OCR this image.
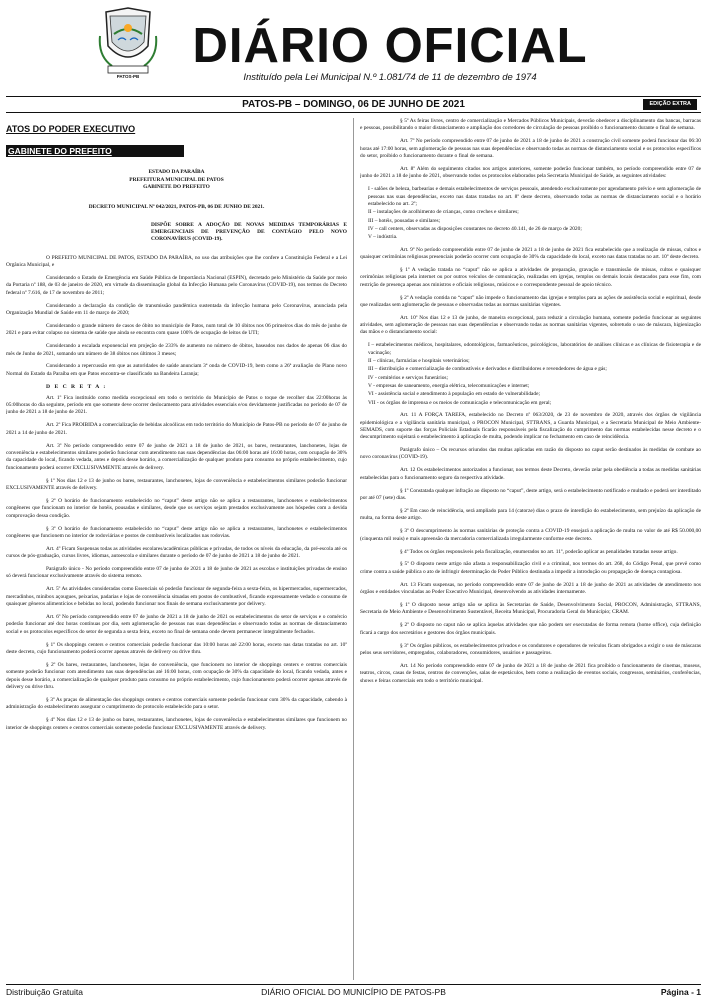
PATOS-PB
DIÁRIO OFICIAL
Instituído pela Lei Municipal N.º 1.081/74 de 11 de dezembro de 1974
PATOS-PB – DOMINGO, 06 DE JUNHO DE 2021	EDIÇÃO EXTRA
ATOS DO PODER EXECUTIVO
GABINETE DO PREFEITO
ESTADO DA PARAÍBA
PREFEITURA MUNICIPAL DE PATOS
GABINETE DO PREFEITO
DECRETO MUNICIPAL Nº 042/2021, PATOS-PB, 06 DE JUNHO DE 2021.
DISPÕE SOBRE A ADOÇÃO DE NOVAS MEDIDAS TEMPORÁRIAS E EMERGENCIAIS DE PREVENÇÃO DE CONTÁGIO PELO NOVO CORONAVÍRUS (COVID-19).

O PREFEITO MUNICIPAL DE PATOS, ESTADO DA PARAÍBA, no uso das atribuições que lhe confere a Constituição Federal e a Lei Orgânica Municipal, e

Considerando o Estado de Emergência em Saúde Pública de Importância Nacional (ESPIN), decretado pelo Ministério da Saúde por meio da Portaria nº 188, de 03 de janeiro de 2020, em virtude da disseminação global da Infecção Humana pelo Coronavírus (COVID-19), nos termos do Decreto federal nº 7.616, de 17 de novembro de 2011;

Considerando a declaração da condição de transmissão pandêmica sustentada da infecção humana pelo Coronavírus, anunciada pela Organização Mundial de Saúde em 11 de março de 2020;

Considerando o grande número de casos de óbito no município de Patos, num total de 10 óbitos nos 06 primeiros dias do mês de junho de 2021 e para evitar colapso no sistema de saúde que ainda se encontra com quase 100% de ocupação de leitos de UTI;

Considerando a escalada exponencial em projeção de 233% de aumento no número de óbitos, baseados nos dados de apenas 06 dias do mês de Junho de 2021, somando um número de 38 óbitos nos últimos 3 meses;

Considerando a repercussão em que as autoridades de saúde anunciam 3ª onda de COVID-19, bem como a 26ª avaliação do Plano novo Normal do Estado da Paraíba em que Patos encontra-se classificado na Bandeira Laranja;

D E C R E T A :

Art. 1º Fica instituído como medida excepcional em todo o território do Município de Patos o toque de recolher das 22:00horas às 05:00horas do dia seguinte, período em que somente deve ocorrer deslocamento para atividades essenciais e/ou devidamente justificadas no período de 07 de junho de 2021 a 18 de junho de 2021.

Art. 2º Fica PROIBIDA a comercialização de bebidas alcoólicas em todo território do Município de Patos-PB no período de 07 de junho de 2021 a 14 de junho de 2021.

Art. 3º No período compreendido entre 07 de junho de 2021 a 18 de junho de 2021, os bares, restaurantes, lanchonetes, lojas de conveniência e estabelecimentos similares poderão funcionar com atendimento nas suas dependências das 06:00 horas até 16:00 horas, com ocupação de 30% da capacidade do local, ficando vedada, antes e depois desse horário, a comercialização de qualquer produto para consumo no próprio estabelecimento, cujo funcionamento poderá ocorrer EXCLUSIVAMENTE através de delivery.

§ 1º Nos dias 12 e 13 de junho os bares, restaurantes, lanchonetes, lojas de conveniência e estabelecimentos similares poderão funcionar EXCLUSIVAMENTE através de delivery.

§ 2º O horário de funcionamento estabelecido no “caput” deste artigo não se aplica a restaurantes, lanchonetes e estabelecimentos congêneres que funcionam no interior de hotéis, pousadas e similares, desde que os serviços sejam prestados exclusivamente aos hóspedes com a devida comprovação dessa condição.

§ 3º O horário de funcionamento estabelecido no “caput” deste artigo não se aplica a restaurantes, lanchonetes e estabelecimentos congêneres que funcionem no interior de rodoviárias e postos de combustíveis localizados nas rodovias.

Art. 4º Ficam Suspensas todas as atividades escolares/acadêmicas públicas e privadas, de todos os níveis da educação, da pré-escola até os cursos de pós-graduação, cursos livres, idiomas, autoescola e similares durante o período de 07 de junho de 2021 a 18 de junho de 2021.

Parágrafo único - No período compreendido entre 07 de junho de 2021 a 18 de junho de 2021 as escolas e instituições privadas de ensino só deverá funcionar exclusivamente através do sistema remoto.

Art. 5º As atividades consideradas como Essenciais só poderão funcionar de segunda-feira a sexta-feira, os hipermercados, supermercados, mercadinhos, minibox açougues, peixarias, padarias e lojas de conveniência situadas em postos de combustível, ficando expressamente vedado o consumo de quaisquer gêneros alimentícios e bebidas no local, podendo funcionar nos finais de semana exclusivamente por delivery.

Art. 6º No período compreendido entre 07 de junho de 2021 a 18 de junho de 2021 os estabelecimentos do setor de serviços e o comércio poderão funcionar até doz horas contínuas por dia, sem aglomeração de pessoas nas suas dependências e observando todas as normas de distanciamento social e os protocolos específicos do setor de segunda a sexta feira, exceto no final de semana onde devem permanecer integralmente fechados.

§ 1º Os shoppings centers e centros comerciais poderão funcionar das 10:00 horas até 22:00 horas, exceto nas datas tratadas no art. 10º deste decreto, cujo funcionamento poderá ocorrer apenas através de delivery ou drive thru.

§ 2º Os bares, restaurantes, lanchonetes, lojas de conveniência, que funcionem no interior de shoppings centers e centros comerciais somente poderão funcionar com atendimento nas suas dependências até 16:00 horas, com ocupação de 30% da capacidade do local, ficando vedada, antes e depois desse horário, a comercialização de qualquer produto para consumo no próprio estabelecimento, cujo funcionamento poderá ocorrer apenas através de delivery ou drive thru.

§ 3º As praças de alimentação dos shoppings centers e centros comerciais somente poderão funcionar com 30% da capacidade, cabendo à administração do estabelecimento assegurar o cumprimento do protocolo estabelecido para o setor.

§ 4º Nos dias 12 e 13 de junho os bares, restaurantes, lanchonetes, lojas de conveniência e estabelecimentos similares que funcionem no interior de shoppings centers e centros comerciais somente poderão funcionar EXCLUSIVAMENTE através de delivery.

§ 5º As feiras livres, centro de comercialização e Mercados Públicos Municipais, deverão obedecer a disciplinamento das bancas, barracas e pessoas, possibilitando o maior distanciamento e ampliação dos corredores de circulação de pessoas proibido o funcionamento durante o final de semana.

Art. 7º No período compreendido entre 07 de junho de 2021 a 18 de junho de 2021 a construção civil somente poderá funcionar das 06:30 horas até 17:00 horas, sem aglomeração de pessoas nas suas dependências e observando todas as normas de distanciamento social e os protocolos específicos do setor, proibido o funcionamento durante o final de semana.

Art. 8º Além do seguimento citados nos artigos anteriores, somente poderão funcionar também, no período compreendido entre 07 de junho de 2021 a 18 de junho de 2021, observando todos os protocolos elaborados pela Secretaria Municipal de Saúde, as seguintes atividades:

I - salões de beleza, barbearias e demais estabelecimentos de serviços pessoais, atendendo exclusivamente por agendamento prévio e sem aglomeração de pessoas nas suas dependências, exceto nas datas tratadas no art. 8º deste decreto, observando todas as normas de distanciamento social e o horário estabelecido no art. 2º;

II – instalações de acolhimento de crianças, como creches e similares;

III – hotéis, pousadas e similares;

IV – call centers, observadas as disposições constantes no decreto 40.141, de 26 de março de 2020;

V – indústria.

Art. 9º No período compreendido entre 07 de junho de 2021 a 18 de junho de 2021 fica estabelecido que a realização de missas, cultos e quaisquer cerimônias religiosas presenciais poderão ocorrer com ocupação de 30% da capacidade do local, exceto nas datas tratadas no art. 10º deste decreto.

§ 1º A vedação tratada no “caput” não se aplica a atividades de preparação, gravação e transmissão de missas, cultos e quaisquer cerimônias religiosas pela internet ou por outros veículos de comunicação, realizadas em igrejas, templos ou demais locais destacados para esse fim, com restrição de presença apenas aos ministros e oficiais religiosos, músicos e o correspondente pessoal de apoio técnico.

§ 2º A vedação contida no “caput” não impede o funcionamento das igrejas e templos para as ações de assistência social e espiritual, desde que realizadas sem aglomeração de pessoas e observadas todas as normas sanitárias vigentes.

Art. 10º Nos dias 12 e 13 de junho, de maneira excepcional, para reduzir a circulação humana, somente poderão funcionar as seguintes atividades, sem aglomeração de pessoas nas suas dependências e observando todas as normas sanitárias vigentes, sobretudo o uso de máscara, higienização das mãos e o distanciamento social:

I – estabelecimentos médicos, hospitalares, odontológicos, farmacêuticos, psicológicos, laboratórios de análises clínicas e as clínicas de fisioterapia e de vacinação;

II – clínicas, farmácias e hospitais veterinários;

III – distribuição e comercialização de combustíveis e derivados e distribuidores e revendedores de água e gás;

IV - cemitérios e serviços funerários;

V - empresas de saneamento, energia elétrica, telecomunicações e internet;

VI - assistência social e atendimento à população em estado de vulnerabilidade;

VII - os órgãos de imprensa e os meios de comunicação e telecomunicação em geral;

Art. 11 A FORÇA TAREFA, estabelecido no Decreto nº 063/2020, de 23 de novembro de 2020, através dos órgãos de vigilância epidemiológica e a vigilância sanitária municipal, o PROCON Municipal, STTRANS, a Guarda Municipal, e a Secretaria Municipal de Meio Ambiente-SEMADS, com suporte das forças Policiais Estaduais ficarão responsáveis pela fiscalização do cumprimento das normas estabelecidas nesse decreto e o descumprimento sujeitará o estabelecimento à aplicação de multa, podendo implicar no fechamento em caso de reincidência.

Parágrafo único – Os recursos oriundos das multas aplicadas em razão do disposto no caput serão destinados às medidas de combate ao novo coronavírus (COVID-19).

Art. 12 Os estabelecimentos autorizados a funcionar, nos termos deste Decreto, deverão zelar pela obediência a todas as medidas sanitárias estabelecidas para o funcionamento seguro da respectiva atividade.

§ 1º Constatada qualquer infração ao disposto no “caput”, deste artigo, será o estabelecimento notificado e multado e poderá ser interditado por até 07 (sete) dias.

§ 2º Em caso de reincidência, será ampliado para 14 (catorze) dias o prazo de interdição do estabelecimento, sem prejuízo da aplicação de multa, na forma deste artigo.

§ 3º O descumprimento às normas sanitárias de proteção contra a COVID-19 ensejará a aplicação de multa no valor de até R$ 50.000,00 (cinquenta mil reais) e mais apreensão da mercadoria comercializada irregularmente conforme este decreto.

§ 4º Todos os órgãos responsáveis pela fiscalização, enumerados no art. 11º, poderão aplicar as penalidades tratadas nesse artigo.

§ 5º O disposto neste artigo não afasta a responsabilização civil e a criminal, nos termos do art. 268, do Código Penal, que prevê como crime contra a saúde pública o ato de infringir determinação do Poder Público destinada a impedir a introdução ou propagação de doença contagiosa.

Art. 13 Ficam suspensas, no período compreendido entre 07 de junho de 2021 a 18 de junho de 2021 as atividades de atendimento nos órgãos e entidades vinculadas ao Poder Executivo Municipal, desenvolvendo as atividades internamente.

§ 1º O disposto nesse artigo não se aplica às Secretarias de Saúde, Desenvolvimento Social, PROCON, Administração, STTRANS, Secretaria de Meio Ambiente e Desenvolvimento Sustentável, Receita Municipal, Procuradoria Geral do Município; CRAM.

§ 2º O disposto no caput não se aplica àquelas atividades que não podem ser executadas de forma remota (home office), cuja definição ficará a cargo dos secretários e gestores dos órgãos municipais.

§ 3º Os órgãos públicos, os estabelecimentos privados e os condutores e operadores de veículos ficam obrigados a exigir o uso de máscaras pelos seus servidores, empregados, colaboradores, consumidores, usuários e passageiros.

Art. 14 No período compreendido entre 07 de junho de 2021 a 18 de junho de 2021 fica proibido o funcionamento de cinemas, museus, teatros, circos, casas de festas, centros de convenções, salas de espetáculos, bem como a realização de eventos sociais, congressos, seminários, conferências, shows e feiras comerciais em todo o território municipal.

Distribuição Gratuita	DIÁRIO OFICIAL DO MUNICÍPIO DE PATOS-PB	Página - 1
